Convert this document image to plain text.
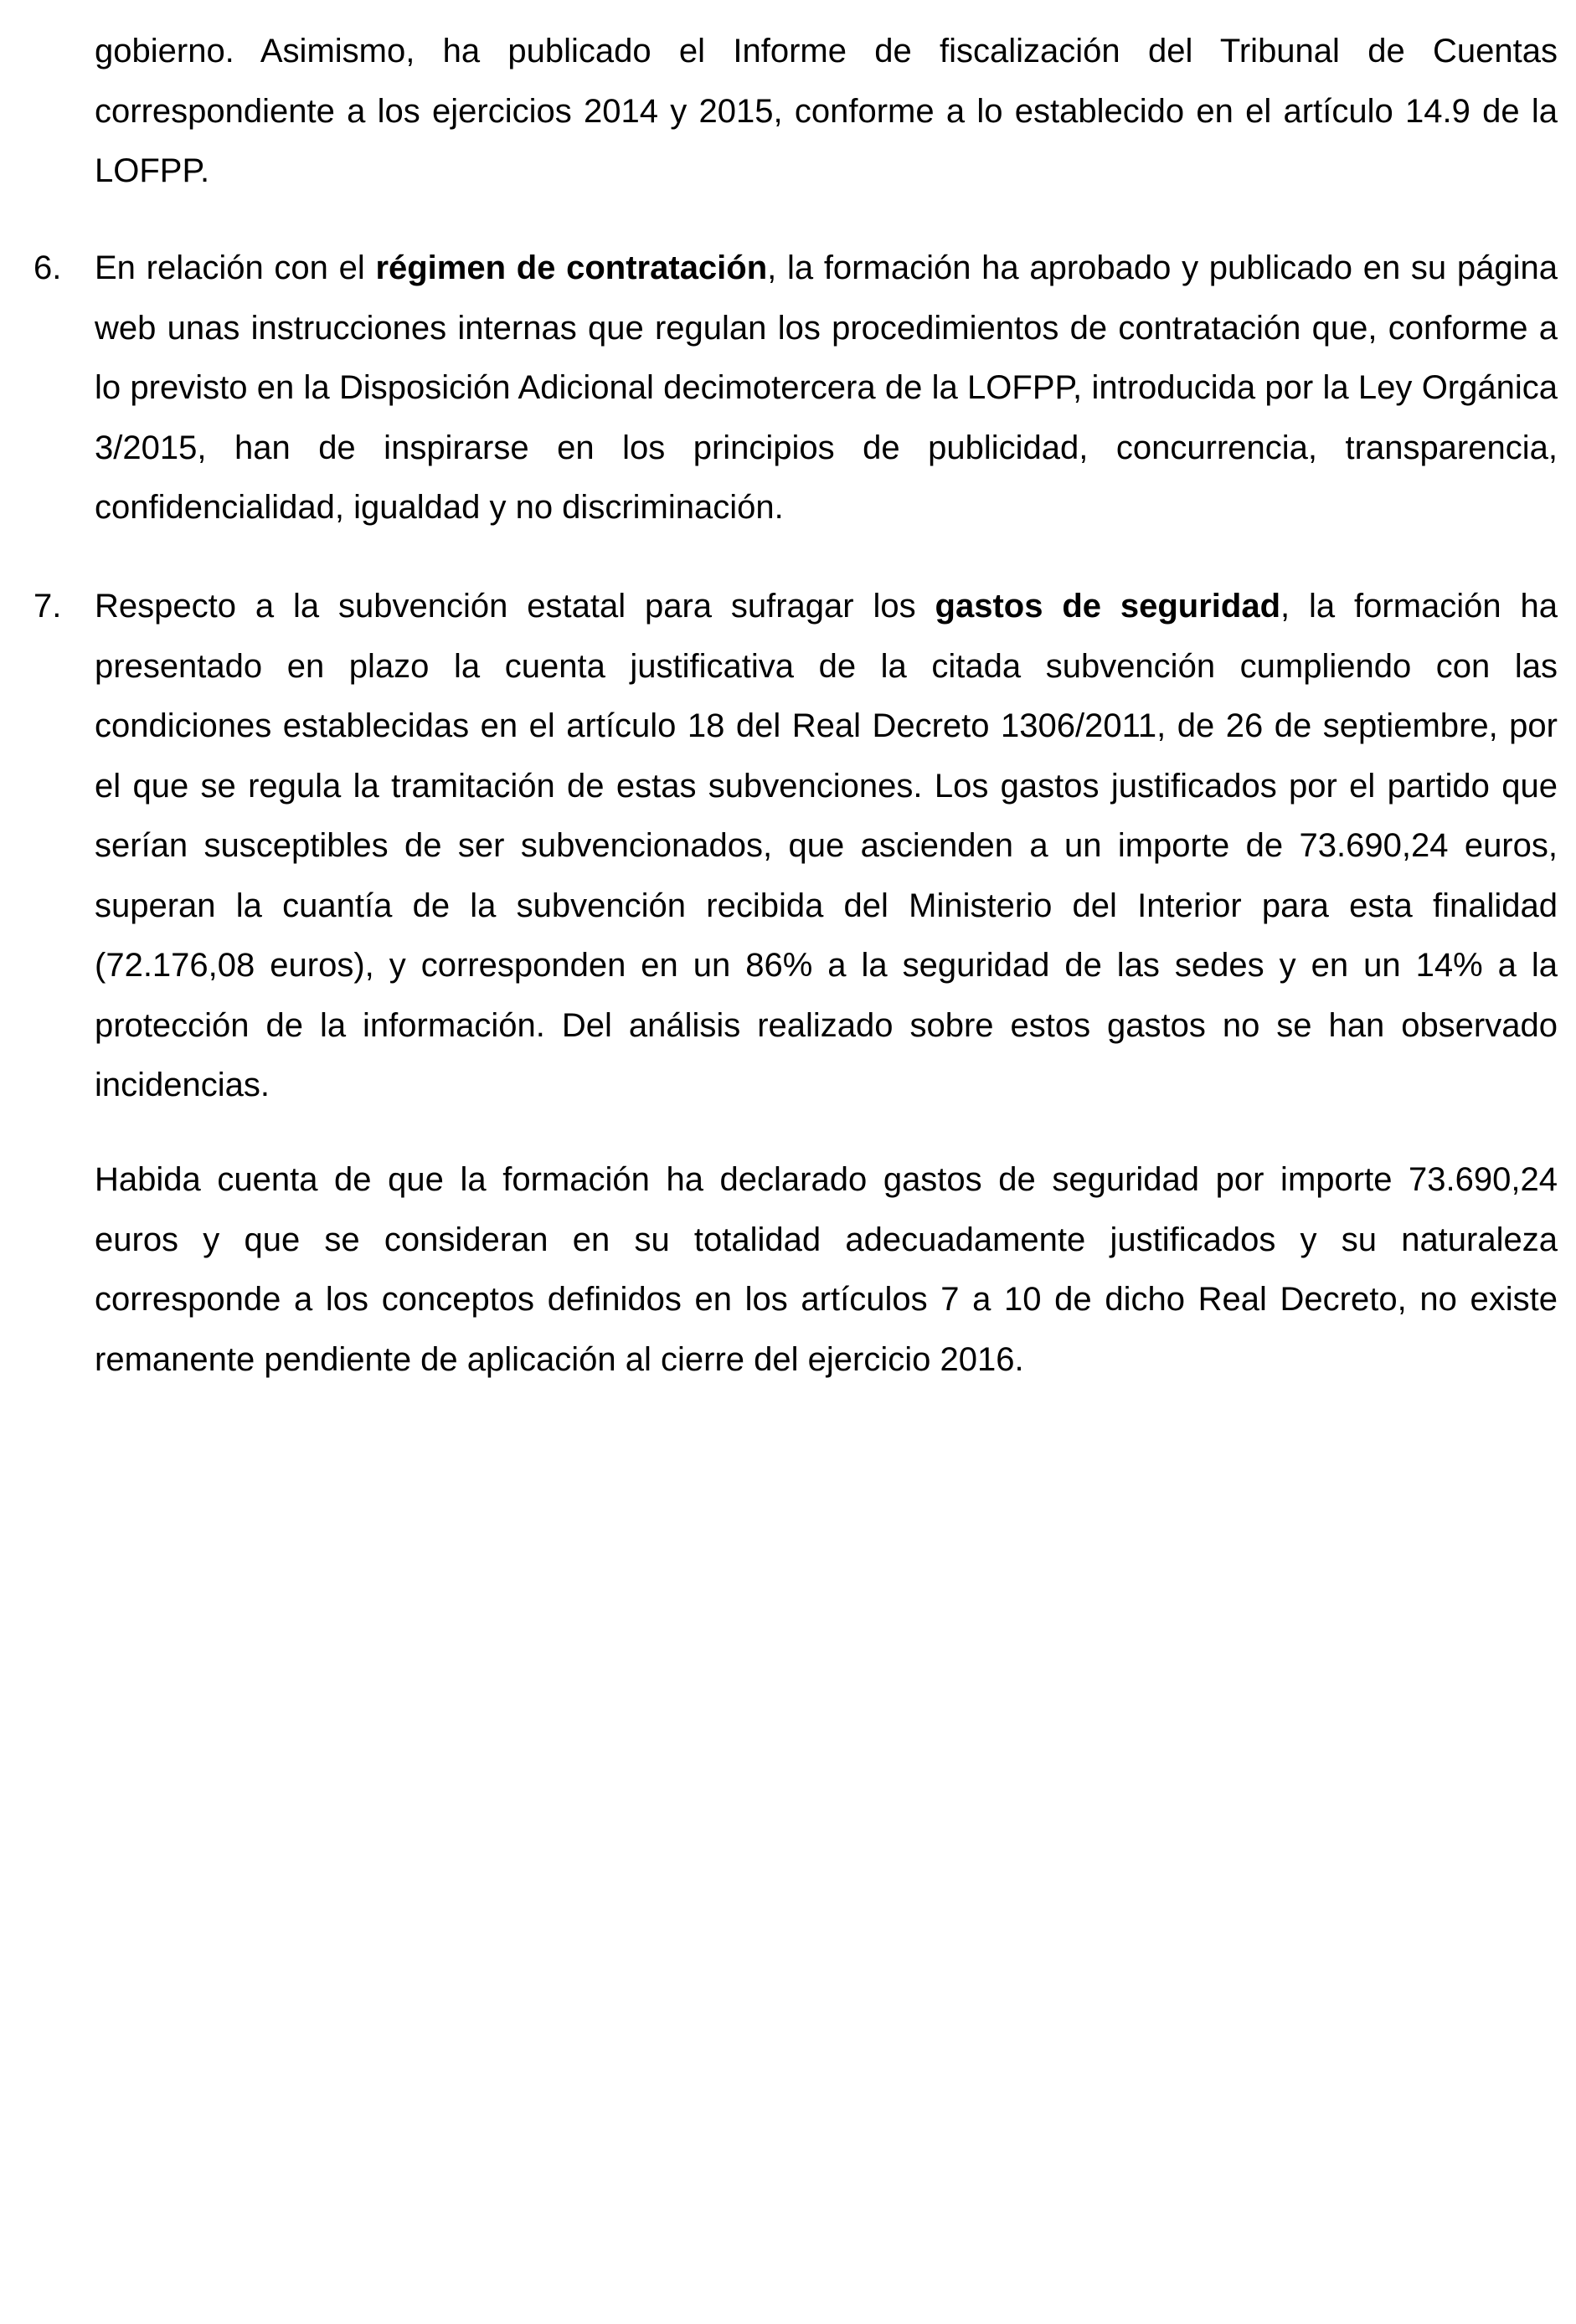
gobierno. Asimismo, ha publicado el Informe de fiscalización del Tribunal de Cuentas correspondiente a los ejercicios 2014 y 2015, conforme a lo establecido en el artículo 14.9 de la LOFPP.

6. En relación con el régimen de contratación, la formación ha aprobado y publicado en su página web unas instrucciones internas que regulan los procedimientos de contratación que, conforme a lo previsto en la Disposición Adicional decimotercera de la LOFPP, introducida por la Ley Orgánica 3/2015, han de inspirarse en los principios de publicidad, concurrencia, transparencia, confidencialidad, igualdad y no discriminación.

7. Respecto a la subvención estatal para sufragar los gastos de seguridad, la formación ha presentado en plazo la cuenta justificativa de la citada subvención cumpliendo con las condiciones establecidas en el artículo 18 del Real Decreto 1306/2011, de 26 de septiembre, por el que se regula la tramitación de estas subvenciones. Los gastos justificados por el partido que serían susceptibles de ser subvencionados, que ascienden a un importe de 73.690,24 euros, superan la cuantía de la subvención recibida del Ministerio del Interior para esta finalidad (72.176,08 euros), y corresponden en un 86% a la seguridad de las sedes y en un 14% a la protección de la información. Del análisis realizado sobre estos gastos no se han observado incidencias.

Habida cuenta de que la formación ha declarado gastos de seguridad por importe 73.690,24 euros y que se consideran en su totalidad adecuadamente justificados y su naturaleza corresponde a los conceptos definidos en los artículos 7 a 10 de dicho Real Decreto, no existe remanente pendiente de aplicación al cierre del ejercicio 2016.
